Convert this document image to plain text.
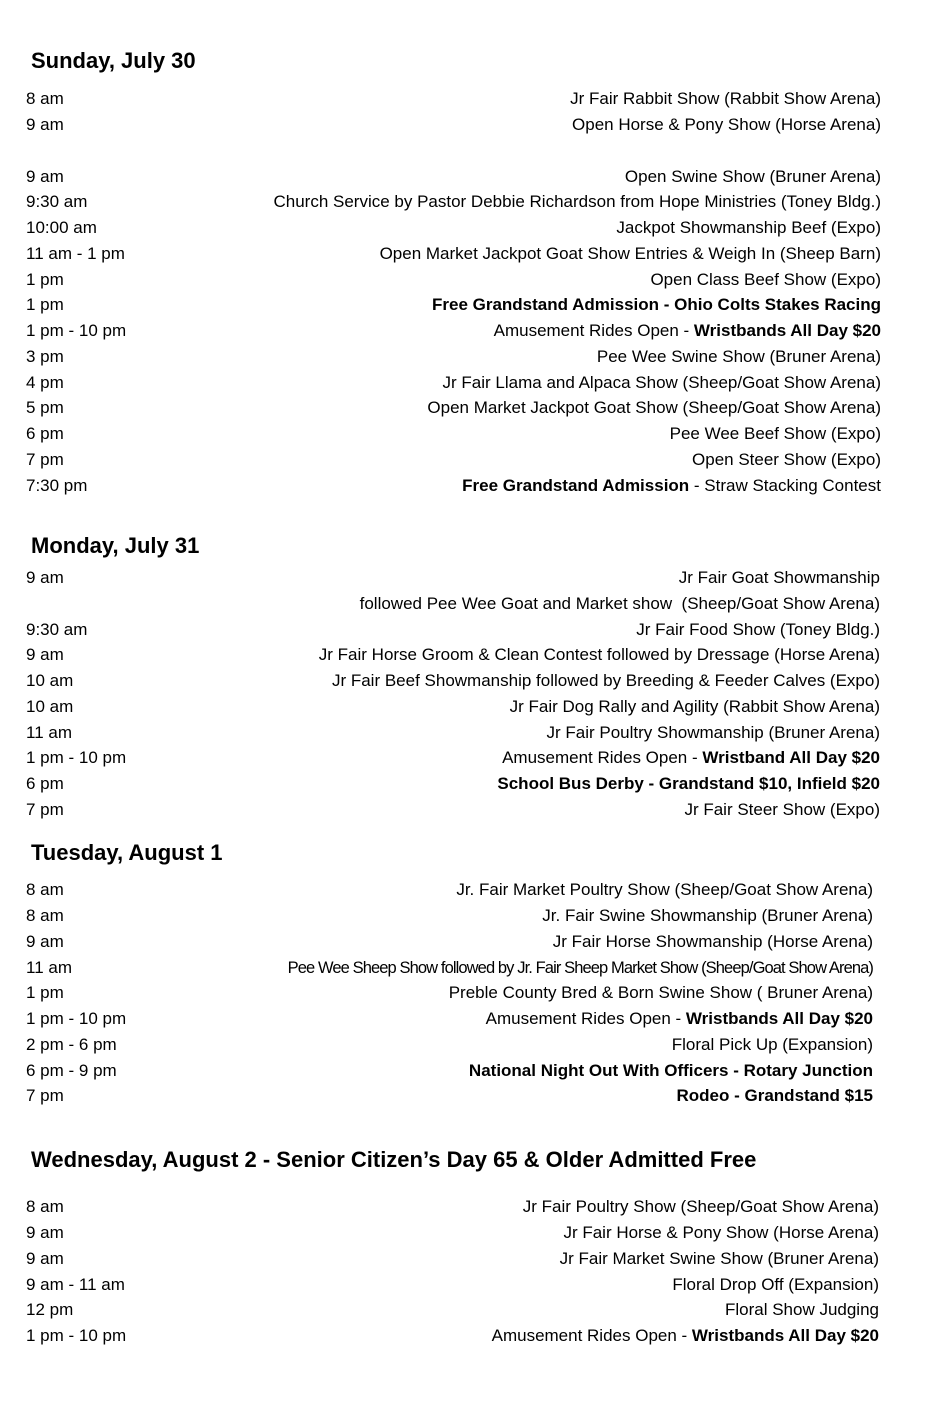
Sunday, July 30
8 am	Jr Fair Rabbit Show (Rabbit Show Arena)
9 am	Open Horse & Pony Show (Horse Arena)
9 am	Open Swine Show (Bruner Arena)
9:30 am	Church Service by Pastor Debbie Richardson from Hope Ministries (Toney Bldg.)
10:00 am	Jackpot Showmanship Beef (Expo)
11 am - 1 pm	Open Market Jackpot Goat Show Entries & Weigh In (Sheep Barn)
1 pm	Open Class Beef Show (Expo)
1 pm	Free Grandstand Admission - Ohio Colts Stakes Racing
1 pm - 10 pm	Amusement Rides Open - Wristbands All Day $20
3 pm	Pee Wee Swine Show (Bruner Arena)
4 pm	Jr Fair Llama and Alpaca Show (Sheep/Goat Show Arena)
5 pm	Open Market Jackpot Goat Show (Sheep/Goat Show Arena)
6 pm	Pee Wee Beef Show (Expo)
7 pm	Open Steer Show (Expo)
7:30 pm	Free Grandstand Admission - Straw Stacking Contest
Monday, July 31
9 am	Jr Fair Goat Showmanship
followed Pee Wee Goat and Market show  (Sheep/Goat Show Arena)
9:30 am	Jr Fair Food Show (Toney Bldg.)
9 am	Jr Fair Horse Groom & Clean Contest followed by Dressage (Horse Arena)
10 am	Jr Fair Beef Showmanship followed by Breeding & Feeder Calves (Expo)
10 am	Jr Fair Dog Rally and Agility (Rabbit Show Arena)
11 am	Jr Fair Poultry Showmanship (Bruner Arena)
1 pm - 10 pm	Amusement Rides Open - Wristband All Day $20
6 pm	School Bus Derby - Grandstand $10, Infield $20
7 pm	Jr Fair Steer Show (Expo)
Tuesday, August 1
8 am	Jr. Fair Market Poultry Show (Sheep/Goat Show Arena)
8 am	Jr. Fair Swine Showmanship (Bruner Arena)
9 am	Jr Fair Horse Showmanship (Horse Arena)
11 am	Pee Wee Sheep Show followed by Jr. Fair Sheep Market Show (Sheep/Goat Show Arena)
1 pm	Preble County Bred & Born Swine Show ( Bruner Arena)
1 pm - 10 pm	Amusement Rides Open - Wristbands All Day $20
2 pm - 6 pm	Floral Pick Up (Expansion)
6 pm - 9 pm	National Night Out With Officers - Rotary Junction
7 pm	Rodeo - Grandstand $15
Wednesday, August 2 - Senior Citizen’s Day 65 & Older Admitted Free
8 am	Jr Fair Poultry Show (Sheep/Goat Show Arena)
9 am	Jr Fair Horse & Pony Show (Horse Arena)
9 am	Jr Fair Market Swine Show (Bruner Arena)
9 am - 11 am	Floral Drop Off (Expansion)
12 pm	Floral Show Judging
1 pm - 10 pm	Amusement Rides Open - Wristbands All Day $20
